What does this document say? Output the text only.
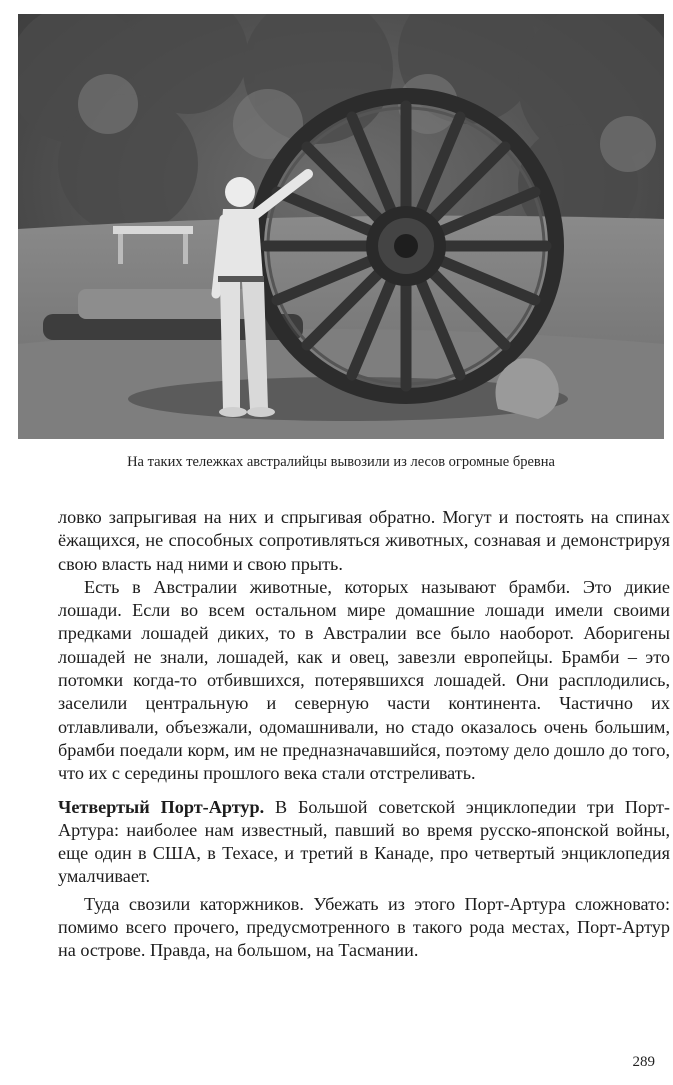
На таких тележках австралийцы вывозили из лесов огромные бревна

ловко запрыгивая на них и спрыгивая обратно. Могут и постоять на спинах ёжащихся, не способных сопротивляться животных, сознавая и демонстрируя свою власть над ними и свою прыть.

Есть в Австралии животные, которых называют брамби. Это дикие лошади. Если во всем остальном мире домашние лошади имели своими предками лошадей диких, то в Австралии все было наоборот. Аборигены лошадей не знали, лошадей, как и овец, завезли европейцы. Брамби – это потомки когда-то отбившихся, потерявшихся лошадей. Они расплодились, заселили центральную и северную части континента. Частично их отлавливали, объезжали, одомашнивали, но стадо оказалось очень большим, брамби поедали корм, им не предназначавшийся, поэтому дело дошло до того, что их с середины прошлого века стали отстреливать.

Четвертый Порт-Артур. В Большой советской энциклопедии три Порт-Артура: наиболее нам известный, павший во время русско-японской войны, еще один в США, в Техасе, и третий в Канаде, про четвертый энциклопедия умалчивает.

Туда свозили каторжников. Убежать из этого Порт-Артура сложновато: помимо всего прочего, предусмотренного в такого рода местах, Порт-Артур на острове. Правда, на большом, на Тасмании.

289
